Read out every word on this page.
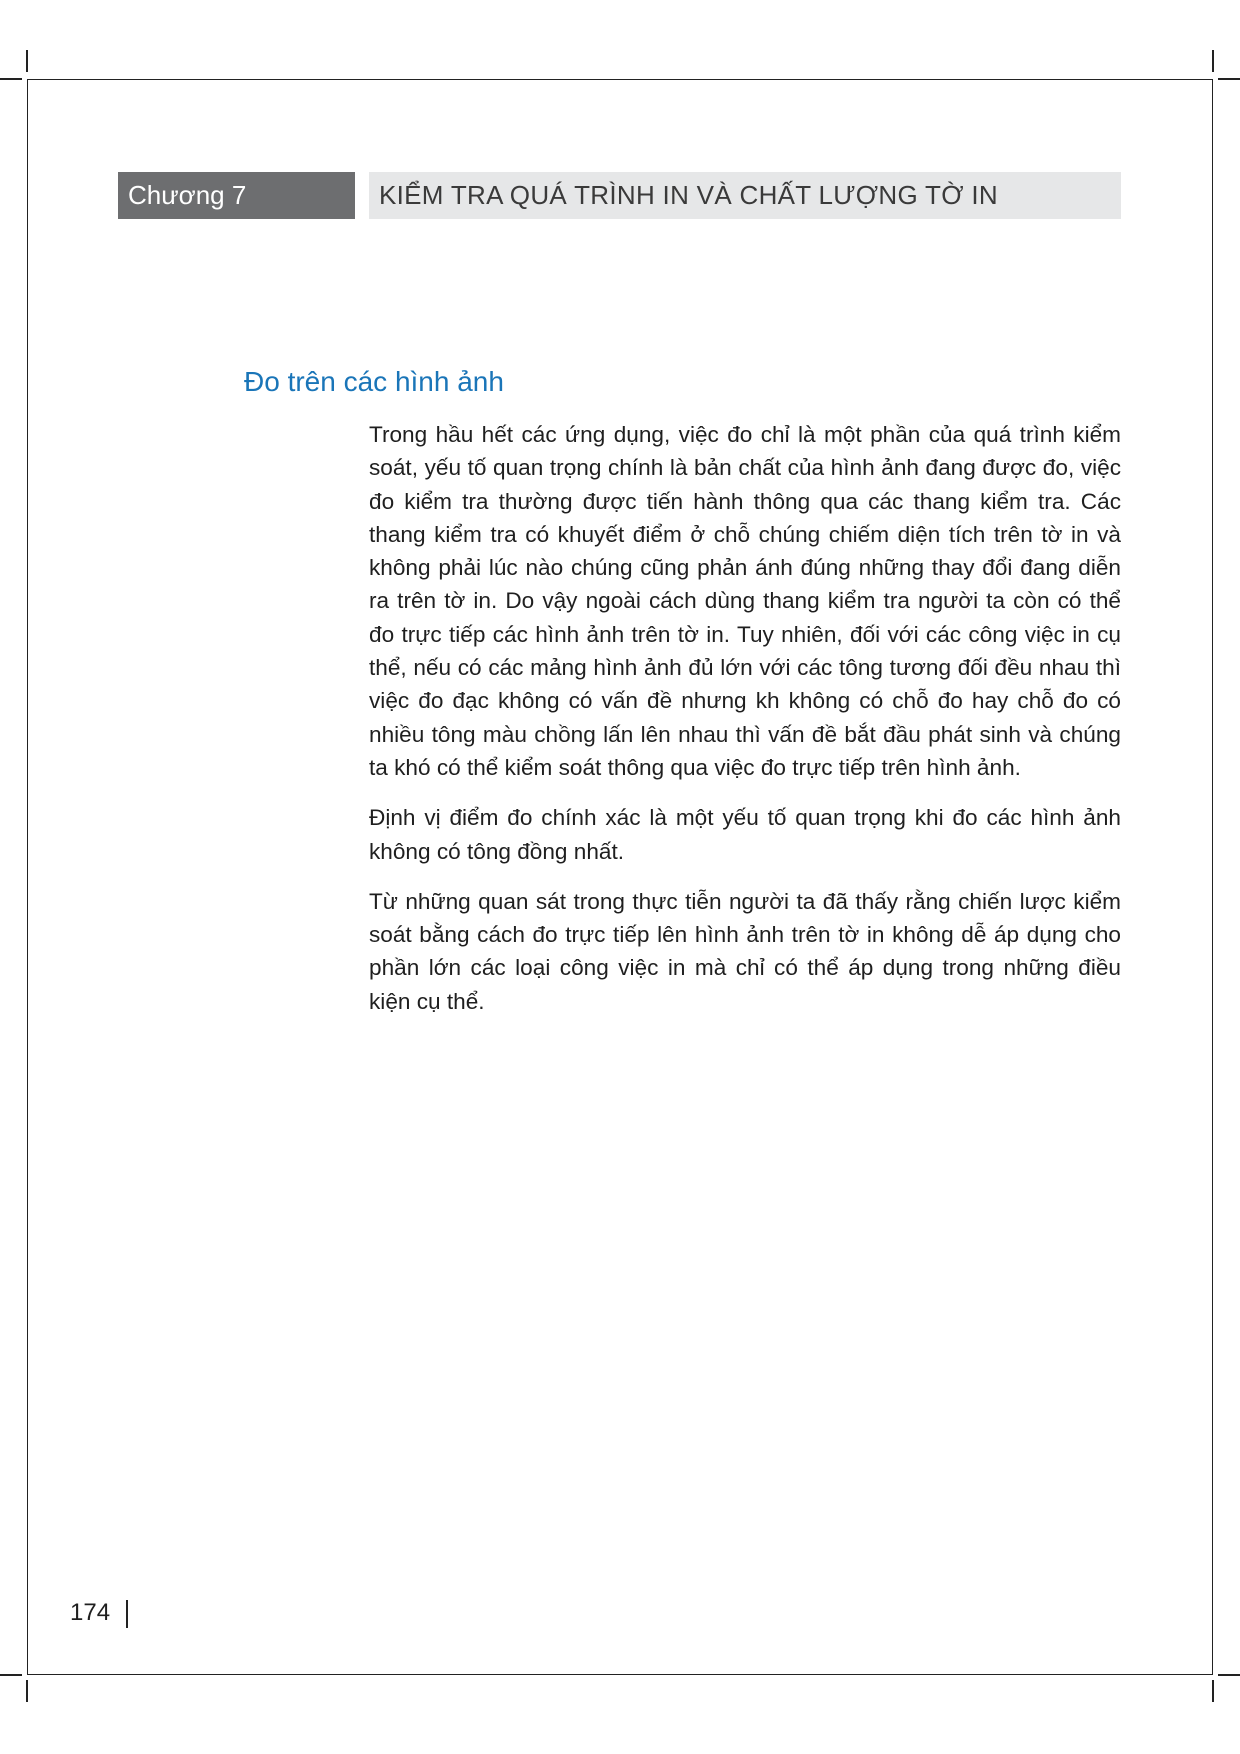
Chương 7	KIỂM TRA QUÁ TRÌNH IN VÀ CHẤT LƯỢNG TỜ IN
Đo trên các hình ảnh

Trong hầu hết các ứng dụng, việc đo chỉ là một phần của quá trình kiểm soát, yếu tố quan trọng chính là bản chất của hình ảnh đang được đo, việc đo kiểm tra thường được tiến hành thông qua các thang kiểm tra. Các thang kiểm tra có khuyết điểm ở chỗ chúng chiếm diện tích trên tờ in và không phải lúc nào chúng cũng phản ánh đúng những thay đổi đang diễn ra trên tờ in. Do vậy ngoài cách dùng thang kiểm tra người ta còn có thể đo trực tiếp các hình ảnh trên tờ in. Tuy nhiên, đối với các công việc in cụ thể, nếu có các mảng hình ảnh đủ lớn với các tông tương đối đều nhau thì việc đo đạc không có vấn đề nhưng kh không có chỗ đo hay chỗ đo có nhiều tông màu chồng lấn lên nhau thì vấn đề bắt đầu phát sinh và chúng ta khó có thể kiểm soát thông qua việc đo trực tiếp trên hình ảnh.

Định vị điểm đo chính xác là một yếu tố quan trọng khi đo các hình ảnh không có tông đồng nhất.

Từ những quan sát trong thực tiễn người ta đã thấy rằng chiến lược kiểm soát bằng cách đo trực tiếp lên hình ảnh trên tờ in không dễ áp dụng cho phần lớn các loại công việc in mà chỉ có thể áp dụng trong những điều kiện cụ thể.

174
